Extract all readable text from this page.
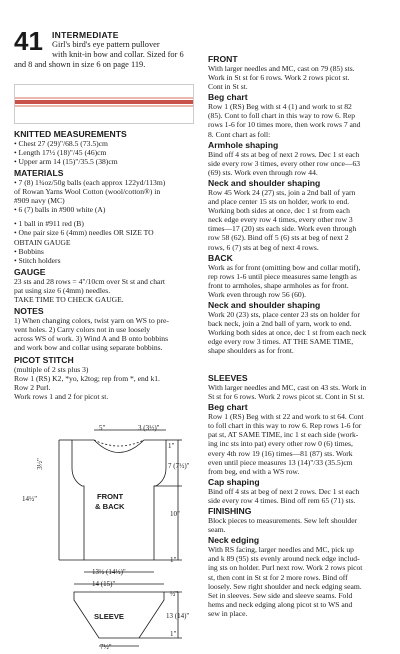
41 INTERMEDIATE
Girl's bird's eye pattern pullover
with knit-in bow and collar. Sized for 6
and 8 and shown in size 6 on page 119.

KNITTED MEASUREMENTS

• Chest 27 (29)"/68.5 (73.5)cm

• Length 17½ (18)"/45 (46)cm

• Upper arm 14 (15)"/35.5 (38)cm

MATERIALS

• 7 (8) 1¾oz/50g balls (each approx 122yd/113m)

of Rowan Yarns Wool Cotton (wool/cotton®) in

#909 navy (MC)

• 6 (7) balls in #900 white (A)

• 1 ball in #911 red (B)

• One pair size 6 (4mm) needles OR SIZE TO

OBTAIN GAUGE

• Bobbins

• Stitch holders

GAUGE

23 sts and 28 rows = 4"/10cm over St st and chart

pat using size 6 (4mm) needles.

TAKE TIME TO CHECK GAUGE.

NOTES

1) When changing colors, twist yarn on WS to pre-

vent holes. 2) Carry colors not in use loosely

across WS of work. 3) Wind A and B onto bobbins

and work bow and collar using separate bobbins.

PICOT STITCH

(multiple of 2 sts plus 3)

Row 1 (RS) K2, *yo, k2tog; rep from *, end k1.

Row 2 Purl.

Work rows 1 and 2 for picot st.

5"	3 (3½)"
3½"
14½"
1"
7 (7½)"
10"
1"
FRONT
& BACK
13½ (14½)"
14 (15)"
½"
SLEEVE	13 (14)"
1"
7½"

FRONT

With larger needles and MC, cast on 79 (85) sts.

Work in St st for 6 rows. Work 2 rows picot st.

Cont in St st.

Beg chart

Row 1 (RS) Beg with st 4 (1) and work to st 82

(85). Cont to foll chart in this way to row 6. Rep

rows 1-6 for 10 times more, then work rows 7 and

8. Cont chart as foll:

Armhole shaping

Bind off 4 sts at beg of next 2 rows. Dec 1 st each

side every row 3 times, every other row once—63

(69) sts. Work even through row 44.

Neck and shoulder shaping

Row 45 Work 24 (27) sts, join a 2nd ball of yarn

and place center 15 sts on holder, work to end.

Working both sides at once, dec 1 st from each

neck edge every row 4 times, every other row 3

times—17 (20) sts each side. Work even through

row 58 (62). Bind off 5 (6) sts at beg of next 2

rows, 6 (7) sts at beg of next 4 rows.

BACK

Work as for front (omitting bow and collar motif),

rep rows 1-6 until piece measures same length as

front to armholes, shape armholes as for front.

Work even through row 56 (60).

Neck and shoulder shaping

Work 20 (23) sts, place center 23 sts on holder for

back neck, join a 2nd ball of yarn, work to end.

Working both sides at once, dec 1 st from each neck

edge every row 3 times. AT THE SAME TIME,

shape shoulders as for front.

SLEEVES

With larger needles and MC, cast on 43 sts. Work in

St st for 6 rows. Work 2 rows picot st. Cont in St st.

Beg chart

Row 1 (RS) Beg with st 22 and work to st 64. Cont

to foll chart in this way to row 6. Rep rows 1-6 for

pat st, AT SAME TIME, inc 1 st each side (work-

ing inc sts into pat) every other row 0 (6) times,

every 4th row 19 (16) times—81 (87) sts. Work

even until piece measures 13 (14)"/33 (35.5)cm

from beg, end with a WS row.

Cap shaping

Bind off 4 sts at beg of next 2 rows. Dec 1 st each

side every row 4 times. Bind off rem 65 (71) sts.

FINISHING

Block pieces to measurements. Sew left shoulder

seam.

Neck edging

With RS facing, larger needles and MC, pick up

and k 89 (95) sts evenly around neck edge includ-

ing sts on holder. Purl next row. Work 2 rows picot

st, then cont in St st for 2 more rows. Bind off

loosely. Sew right shoulder and neck edging seam.

Set in sleeves. Sew side and sleeve seams. Fold

hems and neck edging along picot st to WS and

sew in place.
